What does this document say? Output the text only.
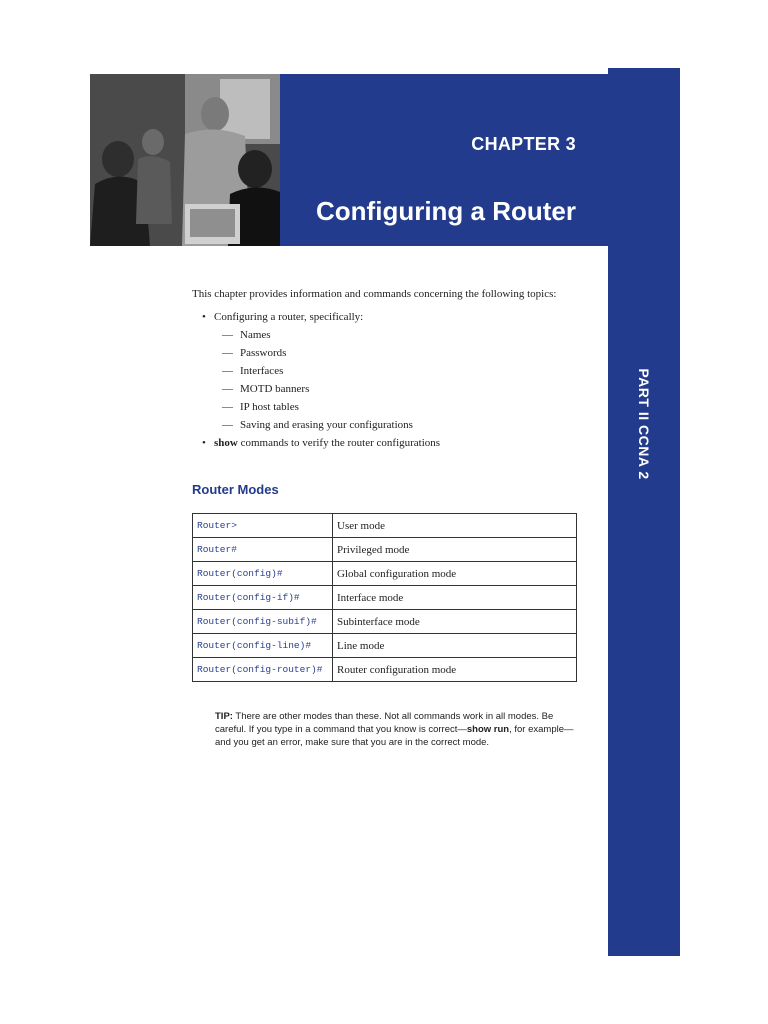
CHAPTER 3
Configuring a Router
PART II CCNA 2
This chapter provides information and commands concerning the following topics:
• Configuring a router, specifically:
— Names
— Passwords
— Interfaces
— MOTD banners
— IP host tables
— Saving and erasing your configurations
• show commands to verify the router configurations
Router Modes
Router>	User mode
Router#	Privileged mode
Router(config)#	Global configuration mode
Router(config-if)#	Interface mode
Router(config-subif)#	Subinterface mode
Router(config-line)#	Line mode
Router(config-router)#	Router configuration mode
TIP: There are other modes than these. Not all commands work in all modes. Be careful. If you type in a command that you know is correct—show run, for example—and you get an error, make sure that you are in the correct mode.
